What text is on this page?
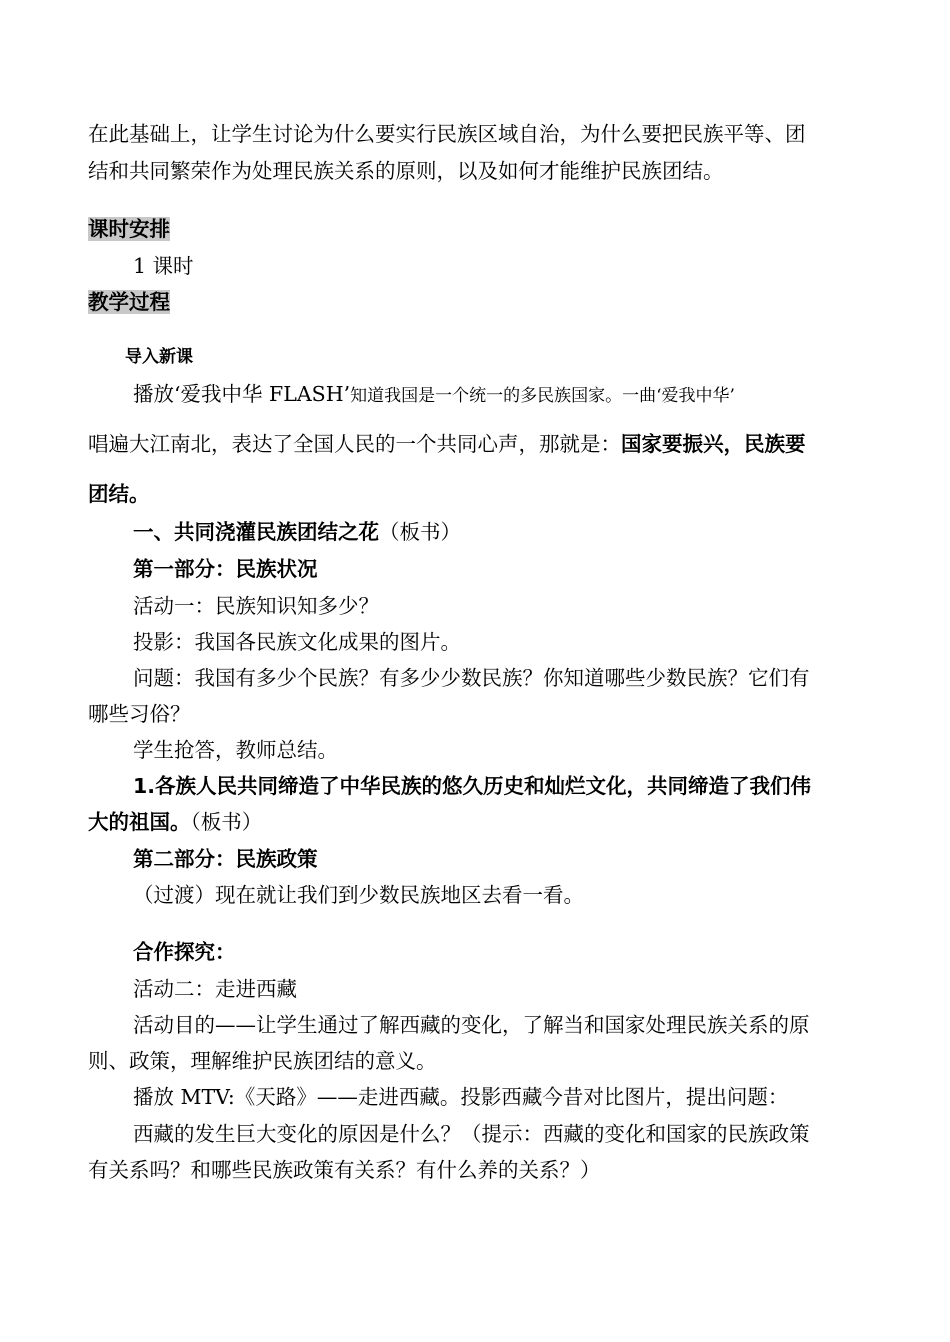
在此基础上，让学生讨论为什么要实行民族区域自治，为什么要把民族平等、团
结和共同繁荣作为处理民族关系的原则，以及如何才能维护民族团结。
课时安排
1 课时
教学过程
导入新课
播放‘爱我中华 FLASH’知道我国是一个统一的多民族国家。一曲‘爱我中华’
唱遍大江南北，表达了全国人民的一个共同心声，那就是：国家要振兴，民族要
团结。
一、共同浇灌民族团结之花（板书）
第一部分：民族状况
活动一：民族知识知多少？
投影：我国各民族文化成果的图片。
问题：我国有多少个民族？有多少少数民族？你知道哪些少数民族？它们有
哪些习俗？
学生抢答，教师总结。
1.各族人民共同缔造了中华民族的悠久历史和灿烂文化，共同缔造了我们伟
大的祖国。（板书）
第二部分：民族政策
（过渡）现在就让我们到少数民族地区去看一看。
合作探究：
活动二：走进西藏
活动目的——让学生通过了解西藏的变化，了解当和国家处理民族关系的原
则、政策，理解维护民族团结的意义。
播放 MTV:《天路》——走进西藏。投影西藏今昔对比图片，提出问题：
西藏的发生巨大变化的原因是什么？（提示：西藏的变化和国家的民族政策
有关系吗？和哪些民族政策有关系？有什么养的关系？）
